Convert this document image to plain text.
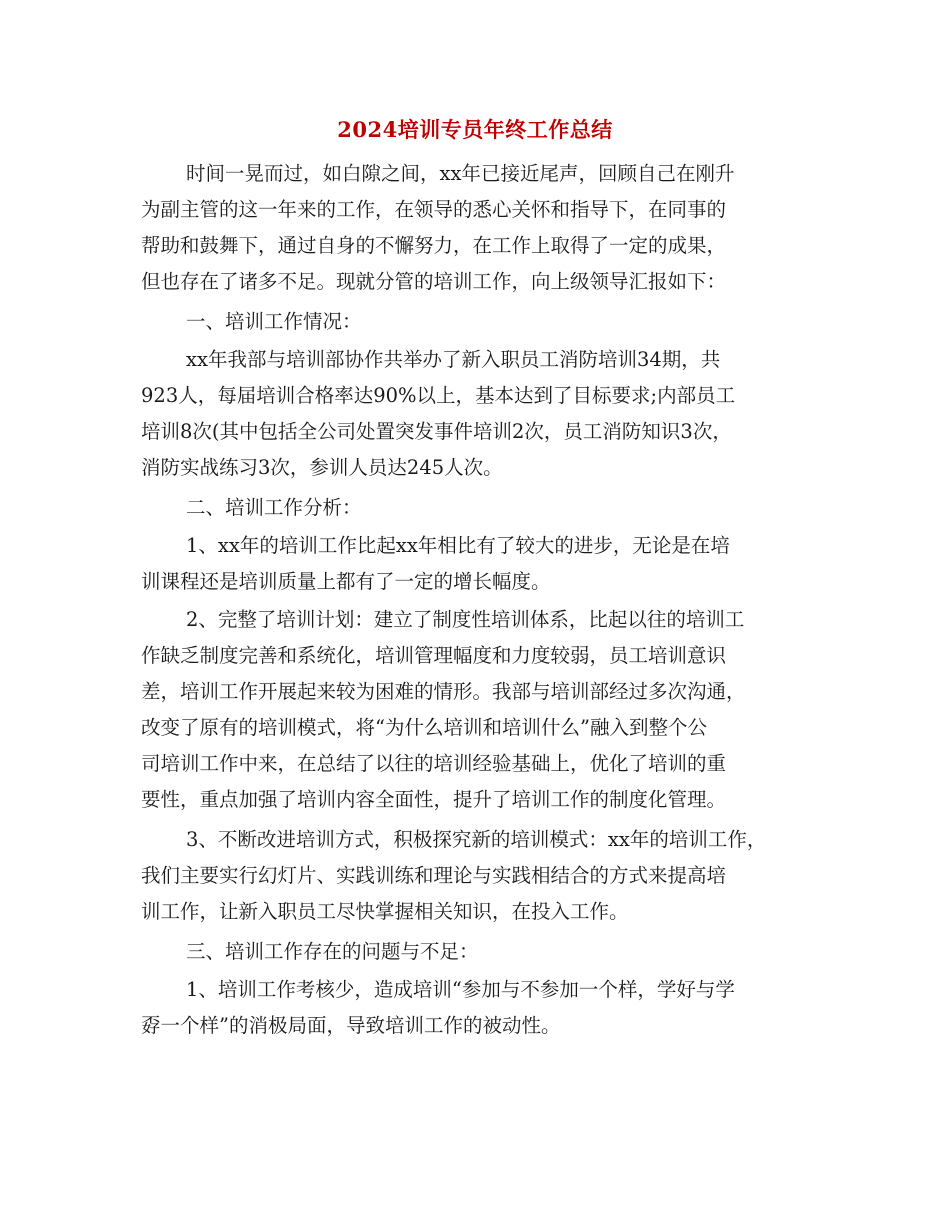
2024培训专员年终工作总结

时间一晃而过，如白隙之间，xx年已接近尾声，回顾自己在刚升

为副主管的这一年来的工作，在领导的悉心关怀和指导下，在同事的

帮助和鼓舞下，通过自身的不懈努力，在工作上取得了一定的成果，

但也存在了诸多不足。现就分管的培训工作，向上级领导汇报如下：

一、培训工作情况：

xx年我部与培训部协作共举办了新入职员工消防培训34期，共

923人，每届培训合格率达90%以上，基本达到了目标要求;内部员工

培训8次(其中包括全公司处置突发事件培训2次，员工消防知识3次，

消防实战练习3次，参训人员达245人次。

二、培训工作分析：

1、xx年的培训工作比起xx年相比有了较大的进步，无论是在培

训课程还是培训质量上都有了一定的增长幅度。

2、完整了培训计划：建立了制度性培训体系，比起以往的培训工

作缺乏制度完善和系统化，培训管理幅度和力度较弱，员工培训意识

差，培训工作开展起来较为困难的情形。我部与培训部经过多次沟通，

改变了原有的培训模式，将“为什么培训和培训什么”融入到整个公

司培训工作中来，在总结了以往的培训经验基础上，优化了培训的重

要性，重点加强了培训内容全面性，提升了培训工作的制度化管理。

3、不断改进培训方式，积极探究新的培训模式：xx年的培训工作，

我们主要实行幻灯片、实践训练和理论与实践相结合的方式来提高培

训工作，让新入职员工尽快掌握相关知识，在投入工作。

三、培训工作存在的问题与不足：

1、培训工作考核少，造成培训“参加与不参加一个样，学好与学

孬一个样”的消极局面，导致培训工作的被动性。
